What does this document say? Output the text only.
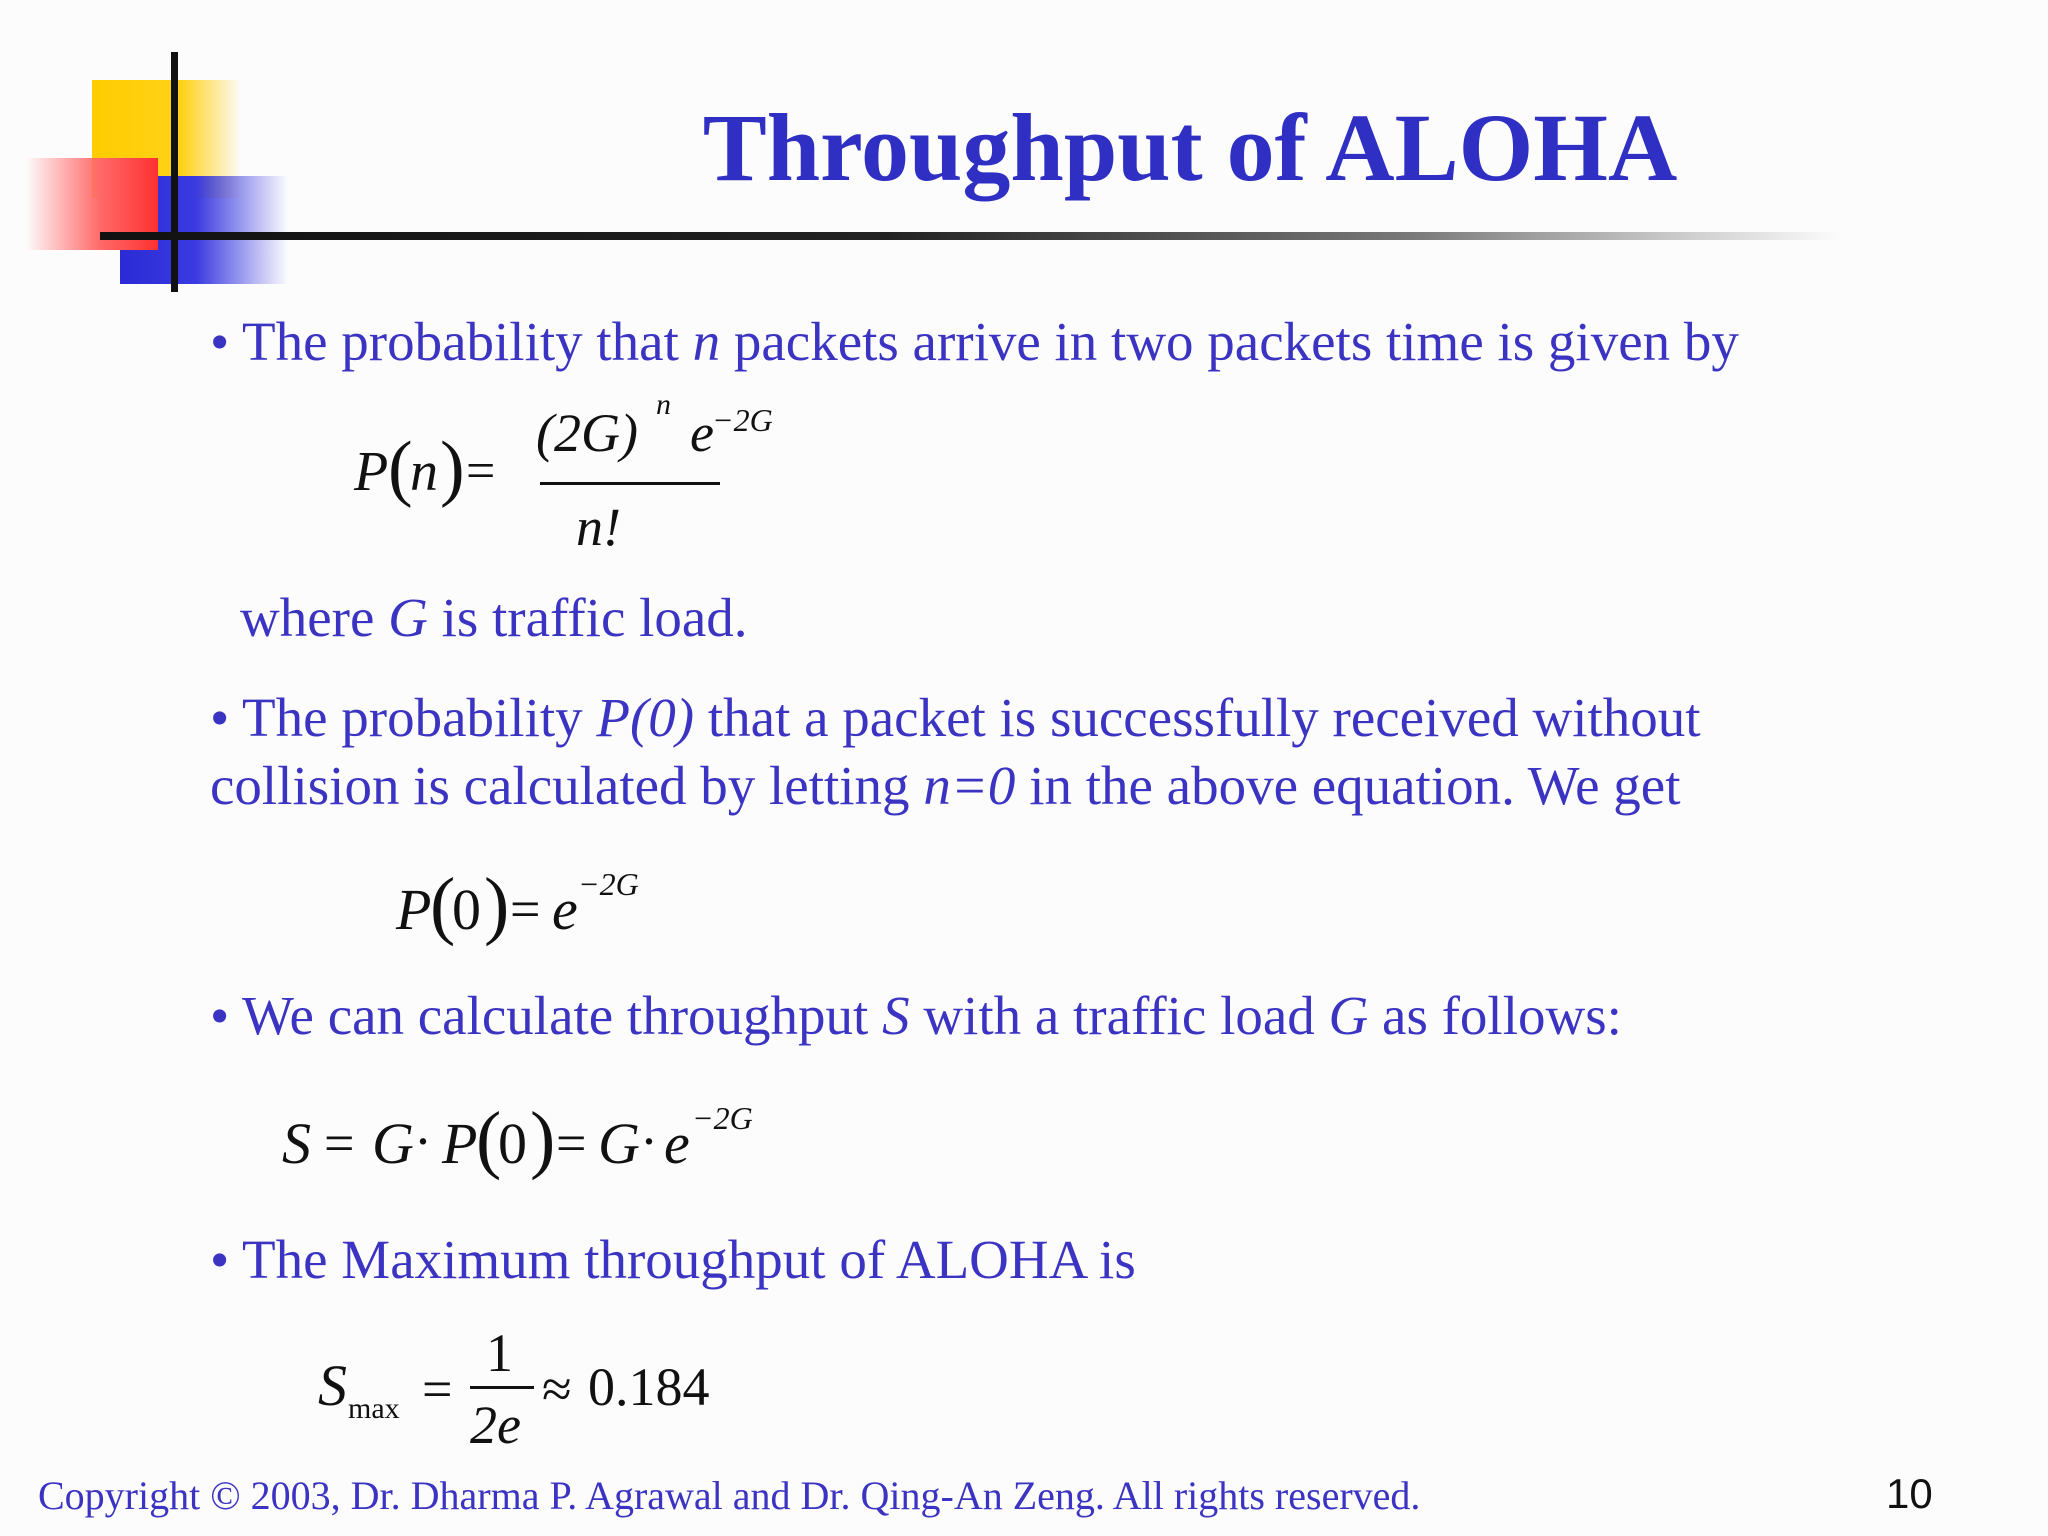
Throughput of ALOHA
• The probability that n packets arrive in two packets time is given by
P (
n ) =
(2G) n e
−2G
n!
where G is traffic load.
• The probability P(0) that a packet is successfully received without
collision is calculated by letting n=0 in the above equation. We get
P
(
0 ) = e −2G
• We can calculate throughput S with a traffic load G as follows:
S = G · P
(
0 ) = G · e −2G
• The Maximum throughput of ALOHA is
S max =
1
2e
≈ 0.184
Copyright © 2003, Dr. Dharma P. Agrawal and Dr. Qing-An Zeng. All rights reserved.	10
